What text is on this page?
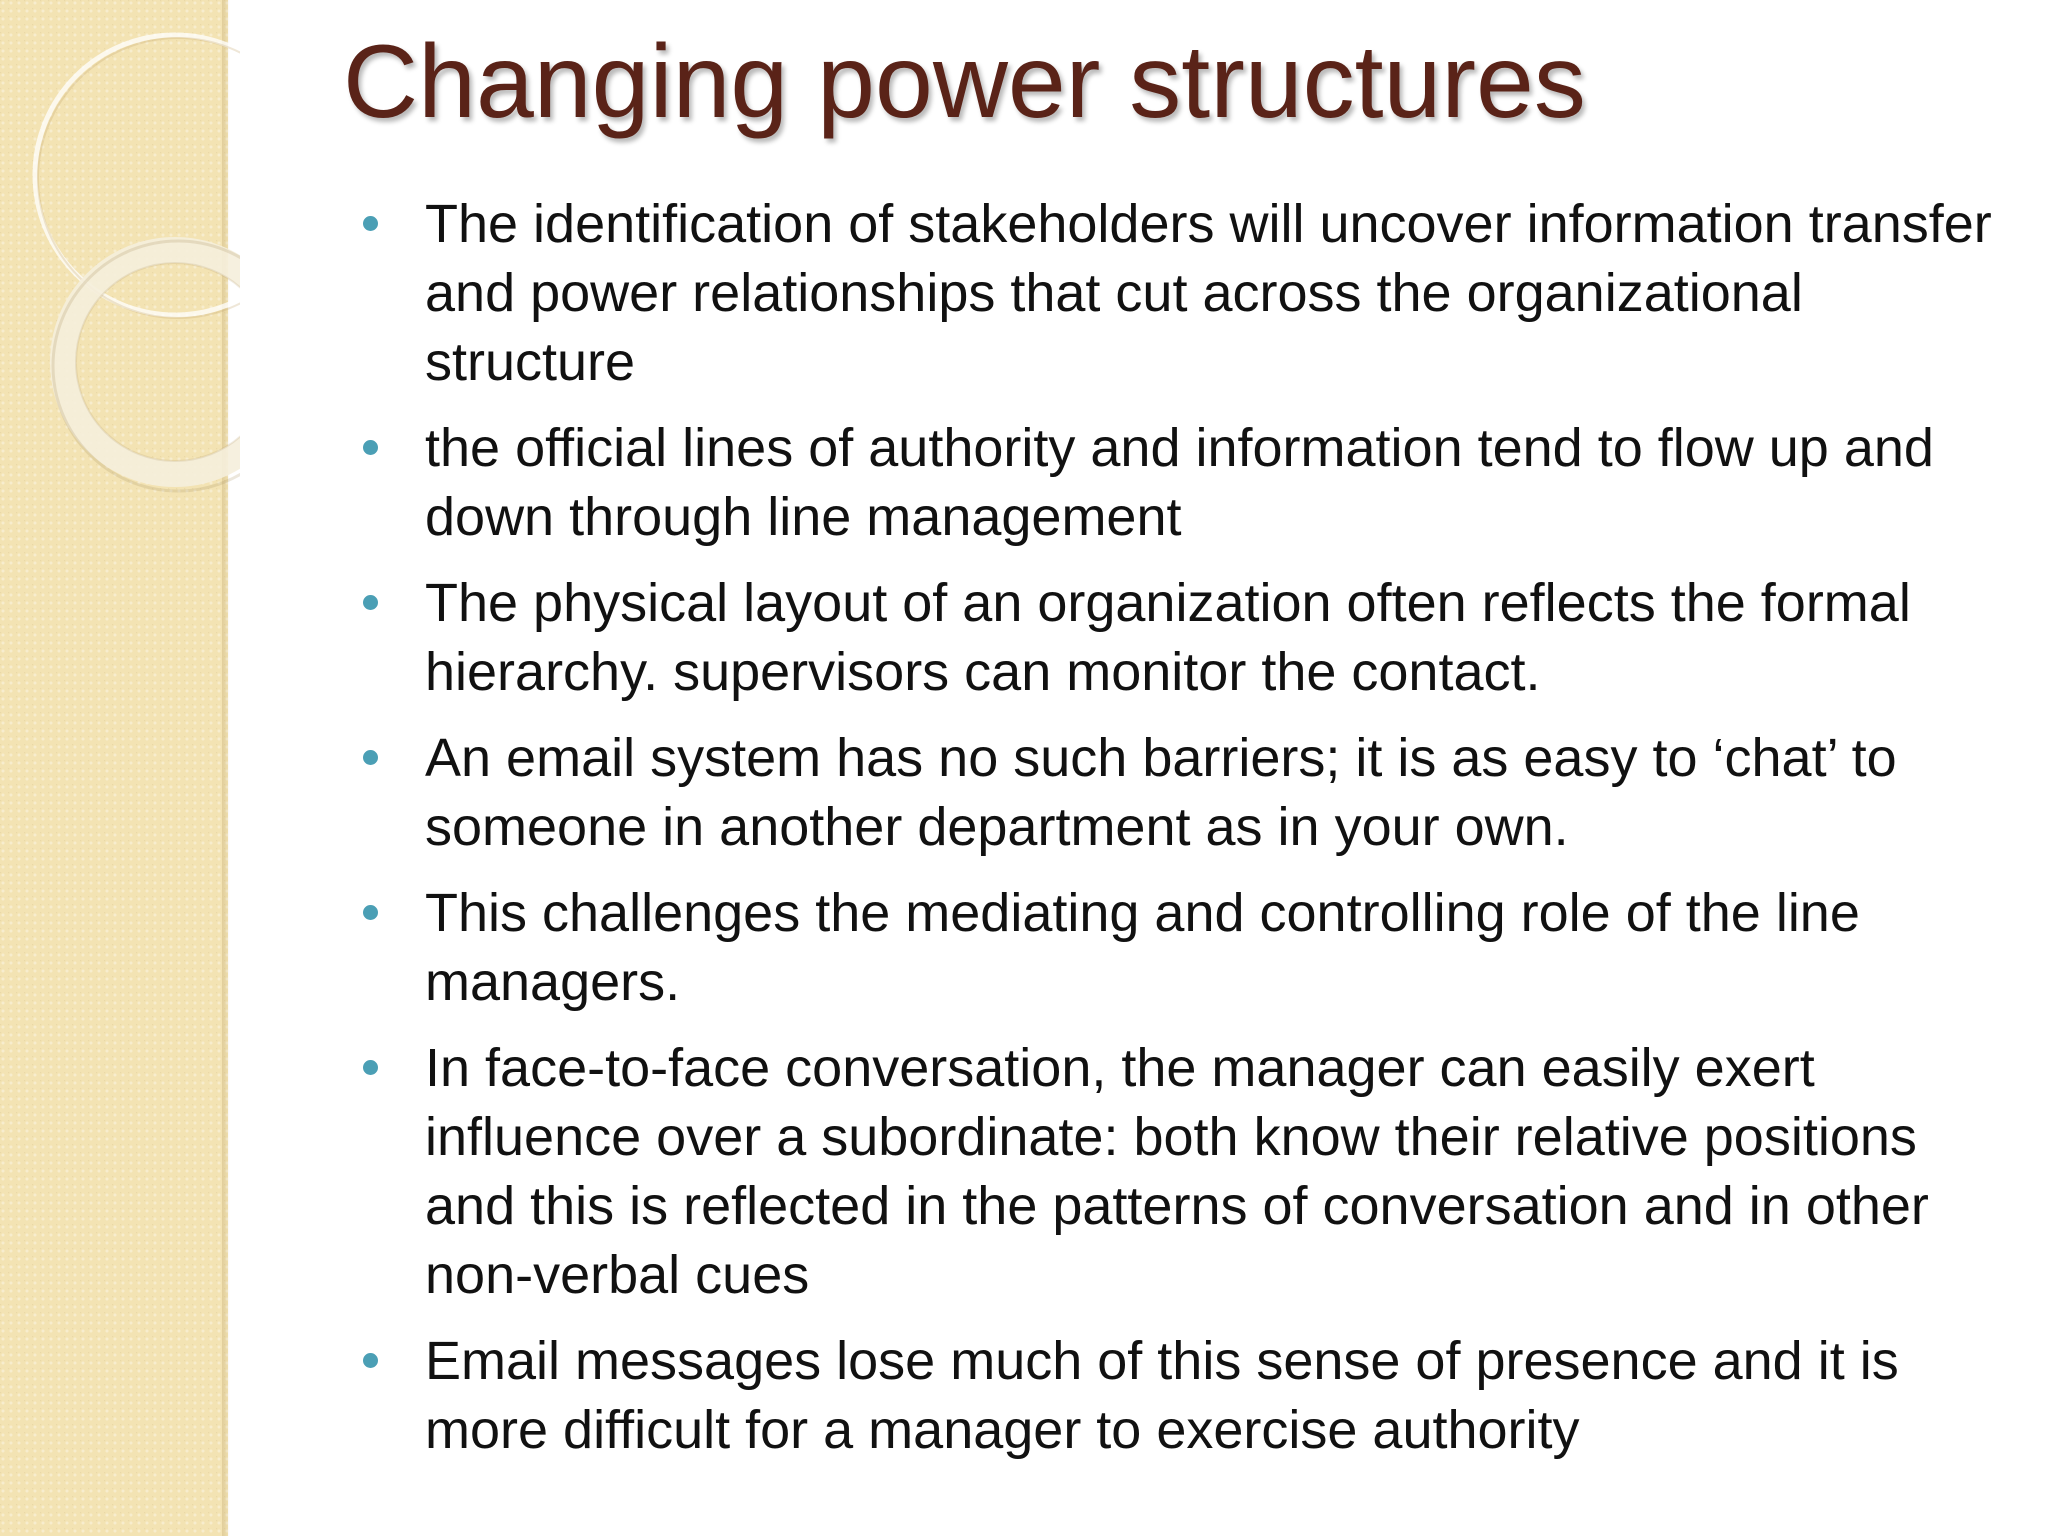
Changing power structures
The identification of stakeholders will uncover information transfer and power relationships that cut across the organizational structure
the official lines of authority and information tend to flow up and down through line management
The physical layout of an organization often reflects the formal hierarchy. supervisors can monitor the contact.
An email system has no such barriers; it is as easy to ‘chat’ to someone in another department as in your own.
This challenges the mediating and controlling role of the line managers.
In face-to-face conversation, the manager can easily exert influence over a subordinate: both know their relative positions and this is reflected in the patterns of conversation and in other non-verbal cues
Email messages lose much of this sense of presence and it is more difficult for a manager to exercise authority
